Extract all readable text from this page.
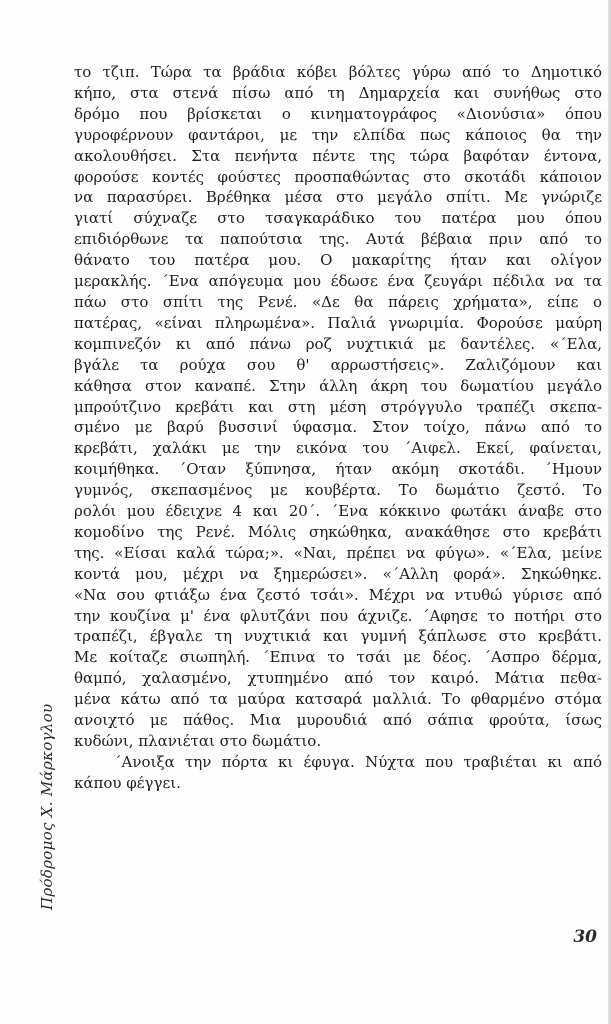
το τζιπ. Τώρα τα βράδια κόβει βόλτες γύρω από το Δημοτικό
κήπο, στα στενά πίσω από τη Δημαρχεία και συνήθως στο
δρόμο που βρίσκεται ο κινηματογράφος «Διονύσια» όπου
γυροφέρνουν φαντάροι, με την ελπίδα πως κάποιος θα την
ακολουθήσει. Στα πενήντα πέντε της τώρα βαφόταν έντονα,
φορούσε κοντές φούστες προσπαθώντας στο σκοτάδι κάποιον
να παρασύρει. Βρέθηκα μέσα στο μεγάλο σπίτι. Με γνώριζε
γιατί σύχναζε στο τσαγκαράδικο του πατέρα μου όπου
επιδιόρθωνε τα παπούτσια της. Αυτά βέβαια πριν από το
θάνατο του πατέρα μου. Ο μακαρίτης ήταν και ολίγον
μερακλής. ΄Ενα απόγευμα μου έδωσε ένα ζευγάρι πέδιλα να τα
πάω στο σπίτι της Ρενέ. «Δε θα πάρεις χρήματα», είπε ο
πατέρας, «είναι πληρωμένα». Παλιά γνωριμία. Φορούσε μαύρη
κομπινεζόν κι από πάνω ροζ νυχτικιά με δαντέλες. «΄Ελα,
βγάλε τα ρούχα σου θ' αρρωστήσεις». Ζαλιζόμουν και
κάθησα στον καναπέ. Στην άλλη άκρη του δωματίου μεγάλο
μπρούτζινο κρεβάτι και στη μέση στρόγγυλο τραπέζι σκεπα-
σμένο με βαρύ βυσσινί ύφασμα. Στον τοίχο, πάνω από το
κρεβάτι, χαλάκι με την εικόνα του ΄Αιφελ. Εκεί, φαίνεται,
κοιμήθηκα. ΄Οταν ξύπνησα, ήταν ακόμη σκοτάδι. ΄Ημουν
γυμνός, σκεπασμένος με κουβέρτα. Το δωμάτιο ζεστό. Το
ρολόι μου έδειχνε 4 και 20΄. ΄Ενα κόκκινο φωτάκι άναβε στο
κομοδίνο της Ρενέ. Μόλις σηκώθηκα, ανακάθησε στο κρεβάτι
της. «Είσαι καλά τώρα;». «Ναι, πρέπει να φύγω». «΄Ελα, μείνε
κοντά μου, μέχρι να ξημερώσει». «΄Αλλη φορά». Σηκώθηκε.
«Να σου φτιάξω ένα ζεστό τσάι». Μέχρι να ντυθώ γύρισε από
την κουζίνα μ' ένα φλυτζάνι που άχνιζε. ΄Αφησε το ποτήρι στο
τραπέζι, έβγαλε τη νυχτικιά και γυμνή ξάπλωσε στο κρεβάτι.
Με κοίταζε σιωπηλή. ΄Επινα το τσάι με δέος. ΄Ασπρο δέρμα,
θαμπό, χαλασμένο, χτυπημένο από τον καιρό. Μάτια πεθα-
μένα κάτω από τα μαύρα κατσαρά μαλλιά. Το φθαρμένο στόμα
ανοιχτό με πάθος. Μια μυρουδιά από σάπια φρούτα, ίσως
κυδώνι, πλανιέται στο δωμάτιο.
΄Ανοιξα την πόρτα κι έφυγα. Νύχτα που τραβιέται κι από
κάπου φέγγει.
Πρόδρομος Χ. Μάρκογλου
30
